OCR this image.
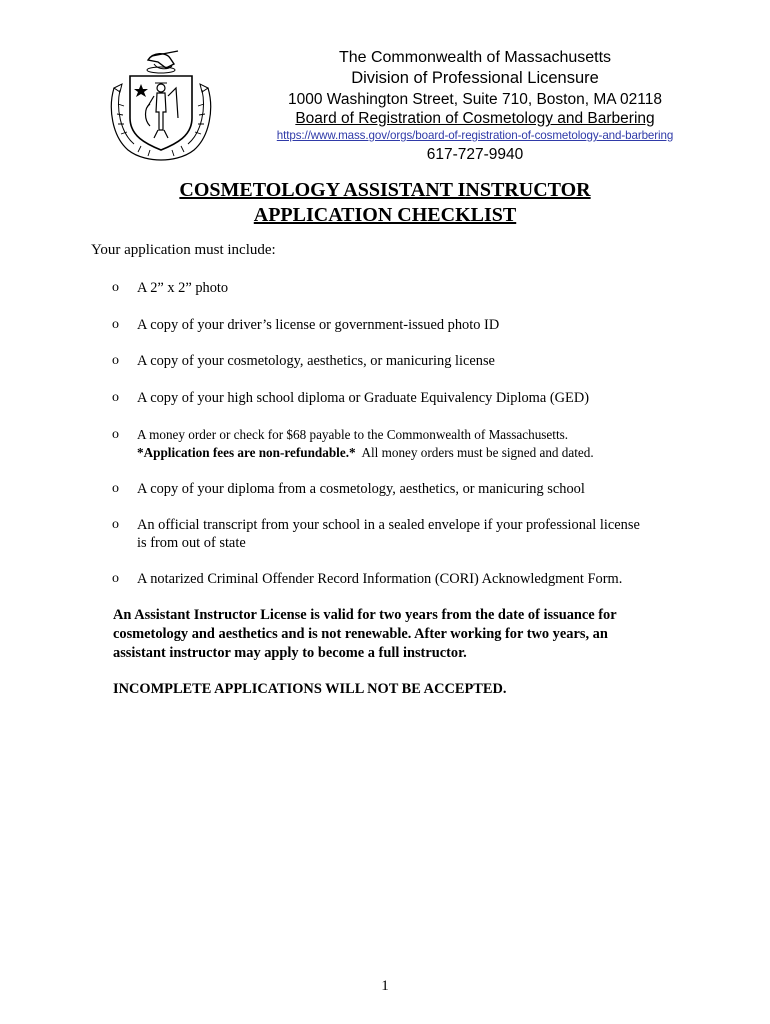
The Commonwealth of Massachusetts
Division of Professional Licensure
1000 Washington Street, Suite 710, Boston, MA 02118
Board of Registration of Cosmetology and Barbering
https://www.mass.gov/orgs/board-of-registration-of-cosmetology-and-barbering
617-727-9940
COSMETOLOGY ASSISTANT INSTRUCTOR
APPLICATION CHECKLIST
Your application must include:
o A 2” x 2” photo
o A copy of your driver’s license or government-issued photo ID
o A copy of your cosmetology, aesthetics, or manicuring license
o A copy of your high school diploma or Graduate Equivalency Diploma (GED)
o A money order or check for $68 payable to the Commonwealth of Massachusetts.
*Application fees are non-refundable.*  All money orders must be signed and dated.
o A copy of your diploma from a cosmetology, aesthetics, or manicuring school
o An official transcript from your school in a sealed envelope if your professional license
is from out of state
o A notarized Criminal Offender Record Information (CORI) Acknowledgment Form.
An Assistant Instructor License is valid for two years from the date of issuance for
cosmetology and aesthetics and is not renewable. After working for two years, an
assistant instructor may apply to become a full instructor.
INCOMPLETE APPLICATIONS WILL NOT BE ACCEPTED.
1
